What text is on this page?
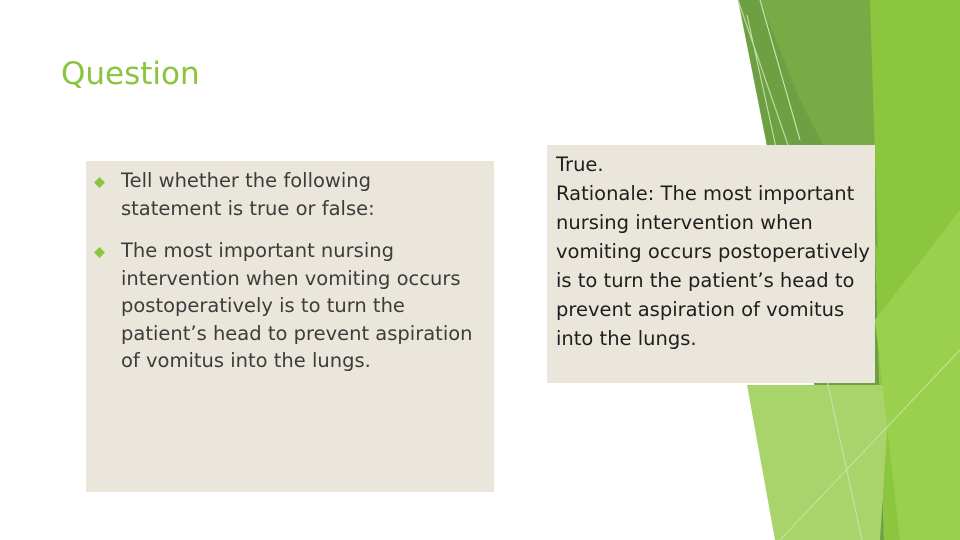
Question
Tell whether the following statement is true or false:
The most important nursing intervention when vomiting occurs postoperatively is to turn the patient’s head to prevent aspiration of vomitus into the lungs.
True.
Rationale: The most important nursing intervention when vomiting occurs postoperatively is to turn the patient’s head to prevent aspiration of vomitus into the lungs.
